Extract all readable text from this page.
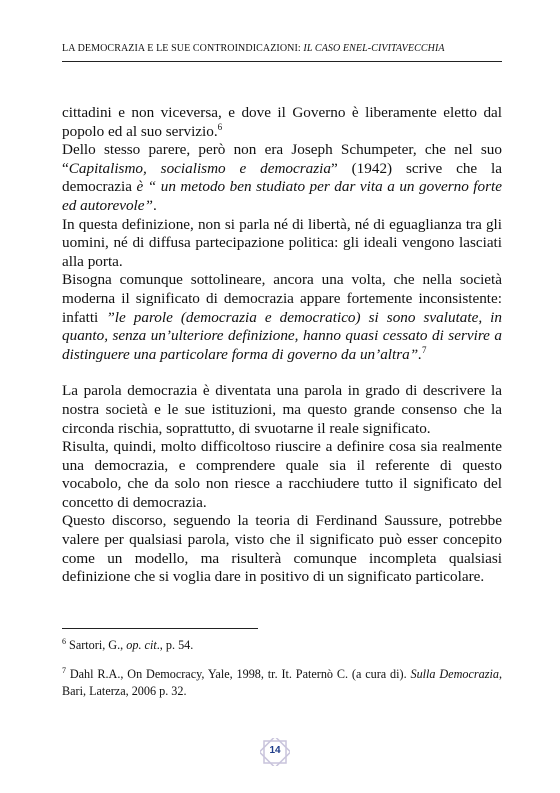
LA DEMOCRAZIA E LE SUE CONTROINDICAZIONI: IL CASO ENEL-CIVITAVECCHIA

cittadini e non viceversa, e dove il Governo è liberamente eletto dal popolo ed al suo servizio.$^6$

Dello stesso parere, però non era Joseph Schumpeter, che nel suo “Capitalismo, socialismo e democrazia” (1942) scrive che la democrazia è “ un metodo ben studiato per dar vita a un governo forte ed autorevole”.

In questa definizione, non si parla né di libertà, né di eguaglianza tra gli uomini, né di diffusa partecipazione politica: gli ideali vengono lasciati alla porta.

Bisogna comunque sottolineare, ancora una volta, che nella società moderna il significato di democrazia appare fortemente inconsistente: infatti ”le parole (democrazia e democratico) si sono svalutate, in quanto, senza un’ulteriore definizione, hanno quasi cessato di servire a distinguere una particolare forma di governo da un’altra”.$^7$

La parola democrazia è diventata una parola in grado di descrivere la nostra società e le sue istituzioni, ma questo grande consenso che la circonda rischia, soprattutto, di svuotarne il reale significato.

Risulta, quindi, molto difficoltoso riuscire a definire cosa sia realmente una democrazia, e comprendere quale sia il referente di questo vocabolo, che da solo non riesce a racchiudere tutto il significato del concetto di democrazia.

Questo discorso, seguendo la teoria di Ferdinand Saussure, potrebbe valere per qualsiasi parola, visto che il significato può esser concepito come un modello, ma risulterà comunque incompleta qualsiasi definizione che si voglia dare in positivo di un significato particolare.

$^6$ Sartori, G., op. cit., p. 54.

$^7$ Dahl R.A., On Democracy, Yale, 1998, tr. It. Paternò C. (a cura di). Sulla Democrazia, Bari, Laterza, 2006 p. 32.

14
